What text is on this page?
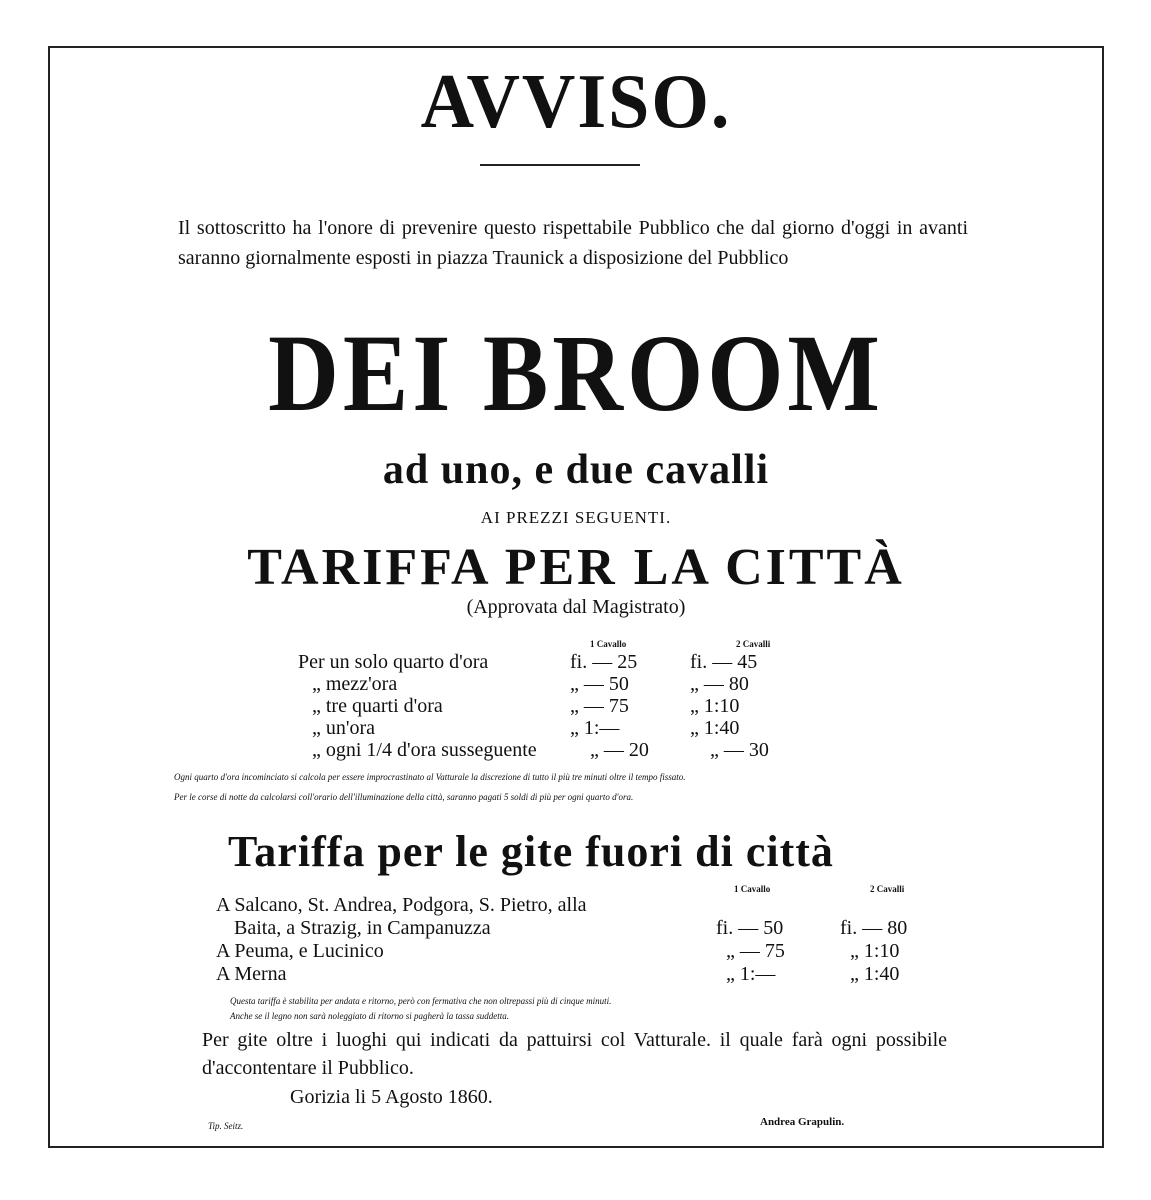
AVVISO.

Il sottoscritto ha l'onore di prevenire questo rispettabile Pubblico che dal giorno d'oggi in avanti saranno giornalmente esposti in piazza Traunick a disposizione del Pubblico

DEI BROOM
ad uno, e due cavalli
AI PREZZI SEGUENTI.
TARIFFA PER LA CITTÀ
(Approvata dal Magistrato)
1 Cavallo	2 Cavalli
Per un solo quarto d'ora	fi. — 25	fi. — 45
„ mezz'ora	„ — 50	„ — 80
„ tre quarti d'ora	„ — 75	„ 1:10
„ un'ora	„ 1:—	„ 1:40
„ ogni 1/4 d'ora susseguente	„ — 20	„ — 30
Ogni quarto d'ora incominciato si calcola per essere improcrastinato al Vatturale la discrezione di tutto il più tre minuti oltre il tempo fissato.
Per le corse di notte da calcolarsi coll'orario dell'illuminazione della città, saranno pagati 5 soldi di più per ogni quarto d'ora.
Tariffa per le gite fuori di città
1 Cavallo	2 Cavalli
A Salcano, St. Andrea, Podgora, S. Pietro, alla
Baita, a Strazig, in Campanuzza	fi. — 50	fi. — 80
A Peuma, e Lucinico	„ — 75	„ 1:10
A Merna	„ 1:—	„ 1:40
Questa tariffa è stabilita per andata e ritorno, però con fermativa che non oltrepassi più di cinque minuti.
Anche se il legno non sarà noleggiato di ritorno si pagherà la tassa suddetta.

Per gite oltre i luoghi qui indicati da pattuirsi col Vatturale. il quale farà ogni possibile d'accontentare il Pubblico.

Gorizia li 5 Agosto 1860.
Tip. Seitz.	Andrea Grapulin.
